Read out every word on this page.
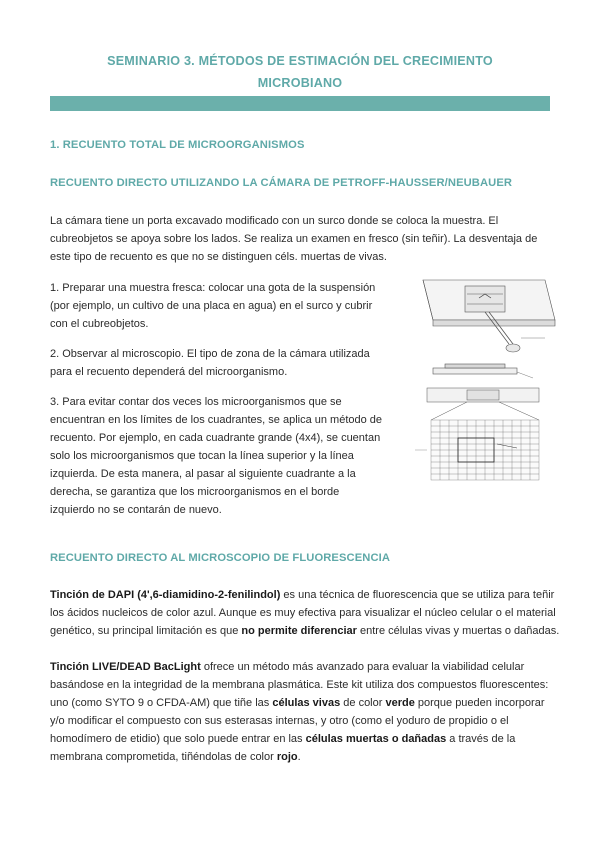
SEMINARIO 3. MÉTODOS DE ESTIMACIÓN DEL CRECIMIENTO
MICROBIANO
1. RECUENTO TOTAL DE MICROORGANISMOS
RECUENTO DIRECTO UTILIZANDO LA CÁMARA DE PETROFF-HAUSSER/NEUBAUER
La cámara tiene un porta excavado modificado con un surco donde se coloca la muestra. El cubreobjetos se apoya sobre los lados. Se realiza un examen en fresco (sin teñir). La desventaja de este tipo de recuento es que no se distinguen céls. muertas de vivas.
1. Preparar una muestra fresca: colocar una gota de la suspensión (por ejemplo, un cultivo de una placa en agua) en el surco y cubrir con el cubreobjetos.
2. Observar al microscopio. El tipo de zona de la cámara utilizada para el recuento dependerá del microorganismo.
3. Para evitar contar dos veces los microorganismos que se encuentran en los límites de los cuadrantes, se aplica un método de recuento. Por ejemplo, en cada cuadrante grande (4x4), se cuentan solo los microorganismos que tocan la línea superior y la línea izquierda. De esta manera, al pasar al siguiente cuadrante a la derecha, se garantiza que los microorganismos en el borde izquierdo no se contarán de nuevo.
RECUENTO DIRECTO AL MICROSCOPIO DE FLUORESCENCIA
Tinción de DAPI (4',6-diamidino-2-fenilindol) es una técnica de fluorescencia que se utiliza para teñir los ácidos nucleicos de color azul. Aunque es muy efectiva para visualizar el núcleo celular o el material genético, su principal limitación es que no permite diferenciar entre células vivas y muertas o dañadas.
Tinción LIVE/DEAD BacLight ofrece un método más avanzado para evaluar la viabilidad celular basándose en la integridad de la membrana plasmática. Este kit utiliza dos compuestos fluorescentes: uno (como SYTO 9 o CFDA-AM) que tiñe las células vivas de color verde porque pueden incorporar y/o modificar el compuesto con sus esterasas internas, y otro (como el yoduro de propidio o el homodímero de etidio) que solo puede entrar en las células muertas o dañadas a través de la membrana comprometida, tiñéndolas de color rojo.
